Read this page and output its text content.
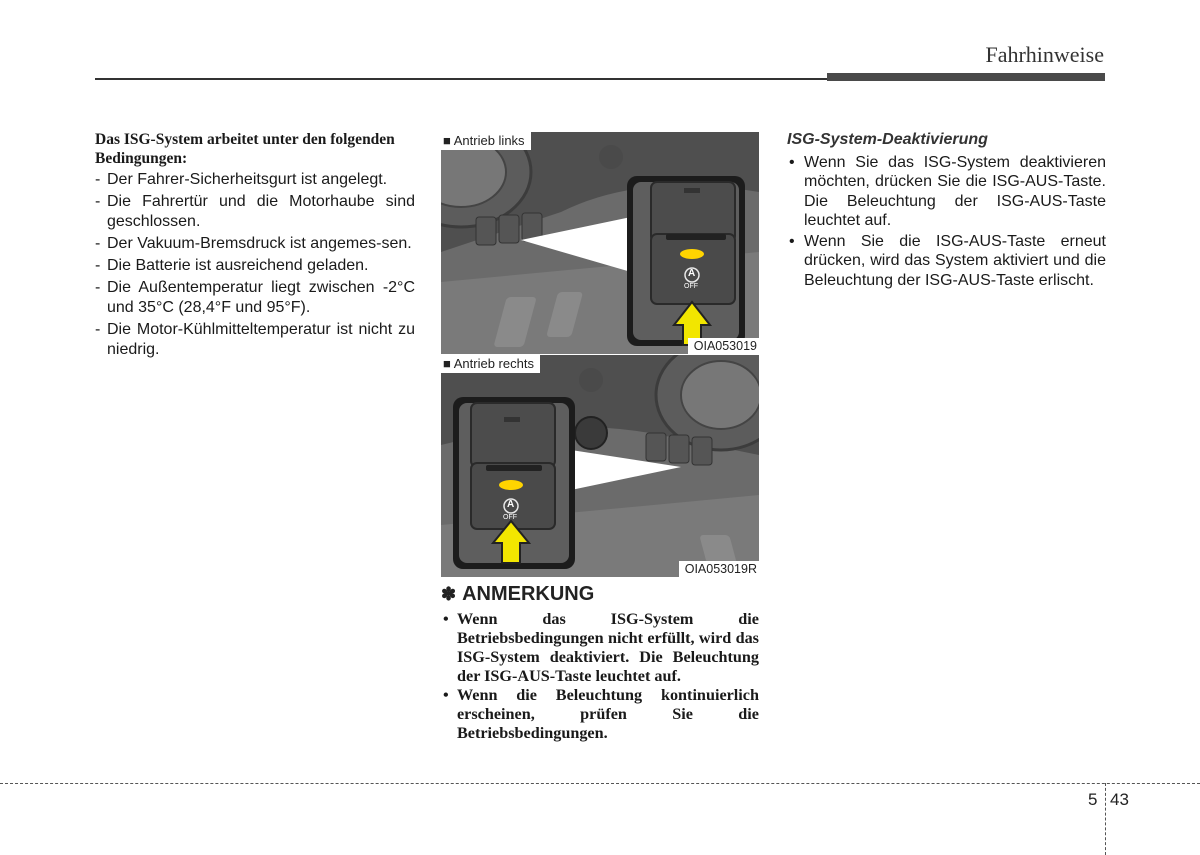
Fahrhinweise
Das ISG-System arbeitet unter den folgenden Bedingungen:
- Der Fahrer-Sicherheitsgurt ist angelegt.
- Die Fahrertür und die Motorhaube sind geschlossen.
- Der Vakuum-Bremsdruck ist angemes-sen.
- Die Batterie ist ausreichend geladen.
- Die Außentemperatur liegt zwischen -2°C und 35°C (28,4°F und 95°F).
- Die Motor-Kühlmitteltemperatur ist nicht zu niedrig.
A
OFF
■ Antrieb links
OIA053019
A
OFF
■ Antrieb rechts
OIA053019R
✽ ANMERKUNG
• Wenn das ISG-System die Betriebsbedingungen nicht erfüllt, wird das ISG-System deaktiviert. Die Beleuchtung der ISG-AUS-Taste leuchtet auf.
• Wenn die Beleuchtung kontinuierlich erscheinen, prüfen Sie die Betriebsbedingungen.
ISG-System-Deaktivierung
• Wenn Sie das ISG-System deaktivieren möchten, drücken Sie die ISG-AUS-Taste. Die Beleuchtung der ISG-AUS-Taste leuchtet auf.
• Wenn Sie die ISG-AUS-Taste erneut drücken, wird das System aktiviert und die Beleuchtung der ISG-AUS-Taste erlischt.
5 43
